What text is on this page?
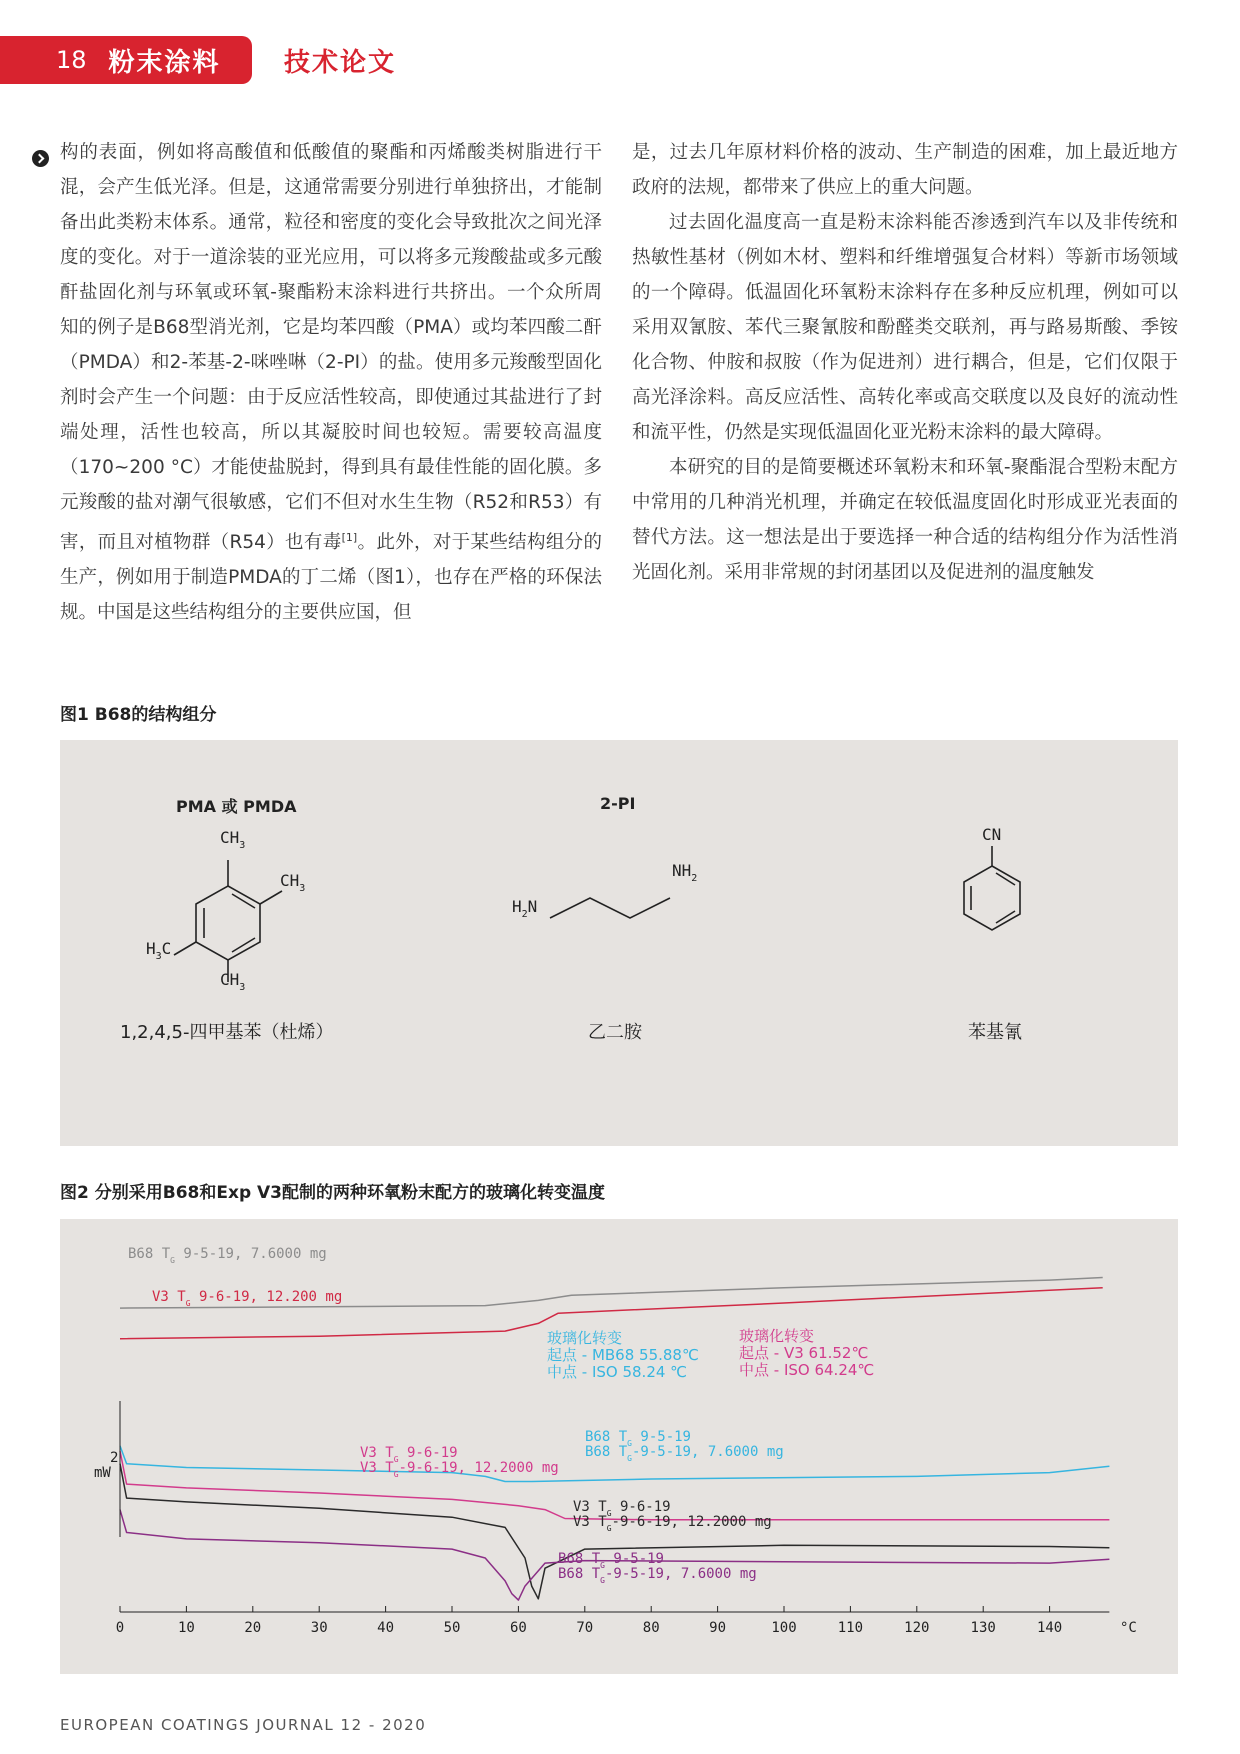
18 粉末涂料 技术论文

构的表面，例如将高酸值和低酸值的聚酯和丙烯酸类树脂进行干混，会产生低光泽。但是，这通常需要分别进行单独挤出，才能制备出此类粉末体系。通常，粒径和密度的变化会导致批次之间光泽度的变化。对于一道涂装的亚光应用，可以将多元羧酸盐或多元酸酐盐固化剂与环氧或环氧-聚酯粉末涂料进行共挤出。一个众所周知的例子是B68型消光剂，它是均苯四酸（PMA）或均苯四酸二酐（PMDA）和2-苯基-2-咪唑啉（2-PI）的盐。使用多元羧酸型固化剂时会产生一个问题：由于反应活性较高，即使通过其盐进行了封端处理，活性也较高，所以其凝胶时间也较短。需要较高温度（170~200 °C）才能使盐脱封，得到具有最佳性能的固化膜。多元羧酸的盐对潮气很敏感，它们不但对水生生物（R52和R53）有害，而且对植物群（R54）也有毒[1]。此外，对于某些结构组分的生产，例如用于制造PMDA的丁二烯（图1），也存在严格的环保法规。中国是这些结构组分的主要供应国，但

是，过去几年原材料价格的波动、生产制造的困难，加上最近地方政府的法规，都带来了供应上的重大问题。

过去固化温度高一直是粉末涂料能否渗透到汽车以及非传统和热敏性基材（例如木材、塑料和纤维增强复合材料）等新市场领域的一个障碍。低温固化环氧粉末涂料存在多种反应机理，例如可以采用双氰胺、苯代三聚氰胺和酚醛类交联剂，再与路易斯酸、季铵化合物、仲胺和叔胺（作为促进剂）进行耦合，但是，它们仅限于高光泽涂料。高反应活性、高转化率或高交联度以及良好的流动性和流平性，仍然是实现低温固化亚光粉末涂料的最大障碍。

本研究的目的是简要概述环氧粉末和环氧-聚酯混合型粉末配方中常用的几种消光机理，并确定在较低温度固化时形成亚光表面的替代方法。这一想法是出于要选择一种合适的结构组分作为活性消光固化剂。采用非常规的封闭基团以及促进剂的温度触发

图1 B68的结构组分
PMA 或 PMDA	2-PI
$CH_3$
$CH_3$
$H_3C$
$CH_3$
$H_2N$
$NH_2$
CN
1,2,4,5-四甲基苯（杜烯）	乙二胺	苯基氰
图2 分别采用B68和Exp V3配制的两种环氧粉末配方的玻璃化转变温度
0	10	20	30	40	50	60	70	80	90	100	110	120	130	140
B68 $T_G$ 9-5-19, 7.6000 mg
V3 $T_G$ 9-6-19, 12.200 mg
玻璃化转变
起点 - MB68 55.88℃
中点 - ISO 58.24 ℃
玻璃化转变
起点 - V3 61.52℃
中点 - ISO 64.24℃
B68 $T_G$ 9-5-19
B68 $T_G-9-5-19$, 7.6000 mg
V3 $T_G$ 9-6-19
V3 $T_G-9-6-19$, 12.2000 mg
V3 $T_G$ 9-6-19
V3 $T_G-9-6-19$, 12.2000 mg
B68 $T_G$ 9-5-19
B68 $T_G-9-5-19$, 7.6000 mg
2
mW
°C
EUROPEAN COATINGS JOURNAL 12 - 2020
